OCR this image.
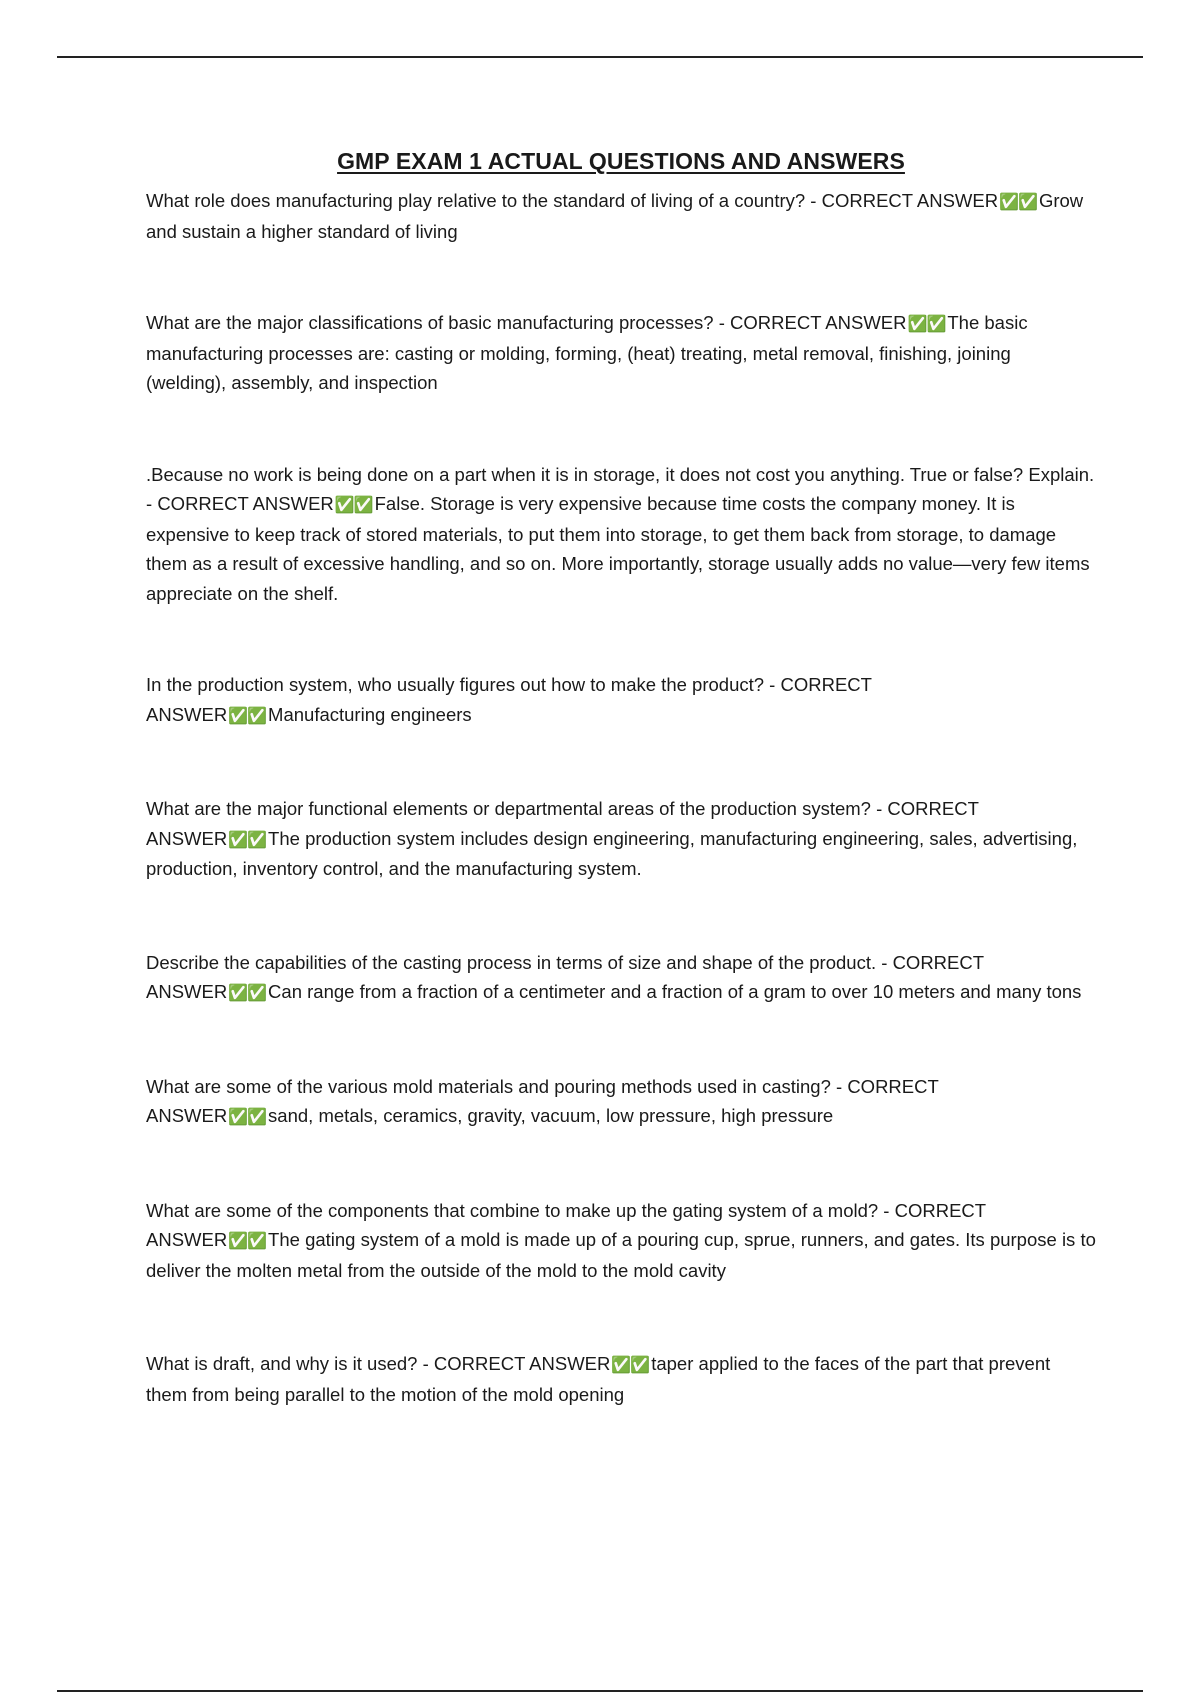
GMP EXAM 1 ACTUAL QUESTIONS AND ANSWERS
What role does manufacturing play relative to the standard of living of a country? - CORRECT ANSWER✅✅ Grow and sustain a higher standard of living
What are the major classifications of basic manufacturing processes? - CORRECT ANSWER✅✅ The basic manufacturing processes are: casting or molding, forming, (heat) treating, metal removal, finishing, joining (welding), assembly, and inspection
.Because no work is being done on a part when it is in storage, it does not cost you anything. True or false? Explain. - CORRECT ANSWER✅✅ False. Storage is very expensive because time costs the company money. It is expensive to keep track of stored materials, to put them into storage, to get them back from storage, to damage them as a result of excessive handling, and so on. More importantly, storage usually adds no value—very few items appreciate on the shelf.
In the production system, who usually figures out how to make the product? - CORRECT ANSWER✅✅ Manufacturing engineers
What are the major functional elements or departmental areas of the production system? - CORRECT ANSWER✅✅ The production system includes design engineering, manufacturing engineering, sales, advertising, production, inventory control, and the manufacturing system.
Describe the capabilities of the casting process in terms of size and shape of the product. - CORRECT ANSWER✅✅ Can range from a fraction of a centimeter and a fraction of a gram to over 10 meters and many tons
What are some of the various mold materials and pouring methods used in casting? - CORRECT ANSWER✅✅ sand, metals, ceramics, gravity, vacuum, low pressure, high pressure
What are some of the components that combine to make up the gating system of a mold? - CORRECT ANSWER✅✅ The gating system of a mold is made up of a pouring cup, sprue, runners, and gates. Its purpose is to deliver the molten metal from the outside of the mold to the mold cavity
What is draft, and why is it used? - CORRECT ANSWER✅✅ taper applied to the faces of the part that prevent them from being parallel to the motion of the mold opening
